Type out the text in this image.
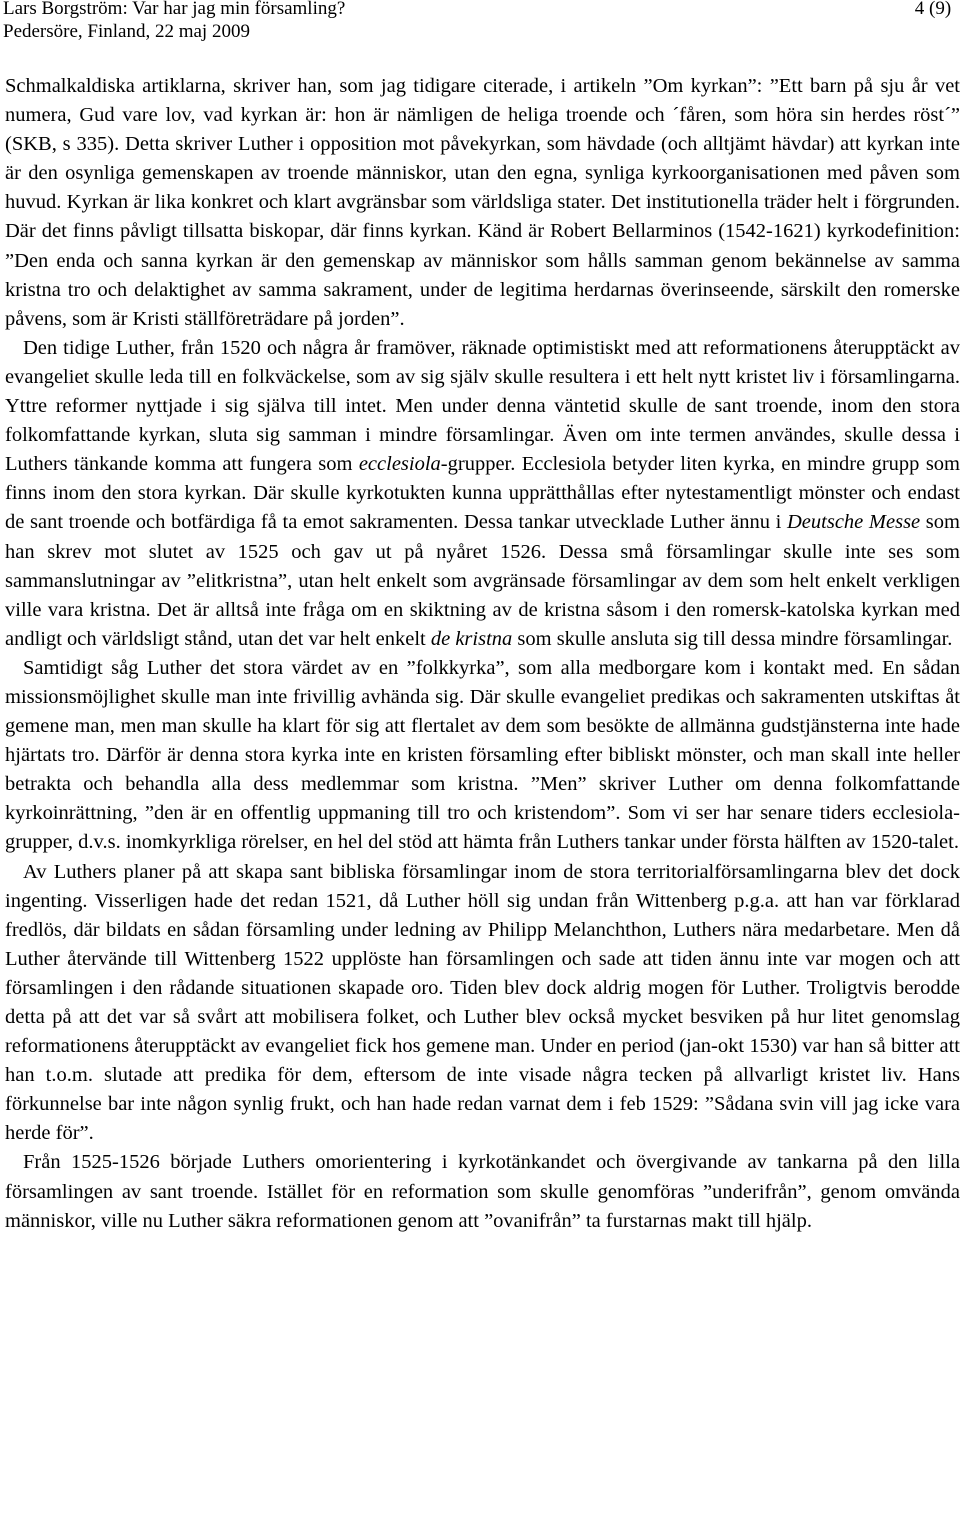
Lars Borgström: Var har jag min församling?	4 (9)
Pedersöre, Finland, 22 maj 2009

Schmalkaldiska artiklarna, skriver han, som jag tidigare citerade, i artikeln ”Om kyrkan”: ”Ett barn på sju år vet numera, Gud vare lov, vad kyrkan är: hon är nämligen de heliga troende och ´fåren, som höra sin herdes röst´” (SKB, s 335). Detta skriver Luther i opposition mot påvekyrkan, som hävdade (och alltjämt hävdar) att kyrkan inte är den osynliga gemenskapen av troende människor, utan den egna, synliga kyrkoorganisationen med påven som huvud. Kyrkan är lika konkret och klart avgränsbar som världsliga stater. Det institutionella träder helt i förgrunden. Där det finns påvligt tillsatta biskopar, där finns kyrkan. Känd är Robert Bellarminos (1542-1621) kyrkodefinition: ”Den enda och sanna kyrkan är den gemenskap av människor som hålls samman genom bekännelse av samma kristna tro och delaktighet av samma sakrament, under de legitima herdarnas överinseende, särskilt den romerske påvens, som är Kristi ställföreträdare på jorden”.

Den tidige Luther, från 1520 och några år framöver, räknade optimistiskt med att reformationens återupptäckt av evangeliet skulle leda till en folkväckelse, som av sig själv skulle resultera i ett helt nytt kristet liv i församlingarna. Yttre reformer nyttjade i sig själva till intet. Men under denna väntetid skulle de sant troende, inom den stora folkomfattande kyrkan, sluta sig samman i mindre församlingar. Även om inte termen användes, skulle dessa i Luthers tänkande komma att fungera som ecclesiola-grupper. Ecclesiola betyder liten kyrka, en mindre grupp som finns inom den stora kyrkan. Där skulle kyrkotukten kunna upprätthållas efter nytestamentligt mönster och endast de sant troende och botfärdiga få ta emot sakramenten. Dessa tankar utvecklade Luther ännu i Deutsche Messe som han skrev mot slutet av 1525 och gav ut på nyåret 1526. Dessa små församlingar skulle inte ses som sammanslutningar av ”elitkristna”, utan helt enkelt som avgränsade församlingar av dem som helt enkelt verkligen ville vara kristna. Det är alltså inte fråga om en skiktning av de kristna såsom i den romersk-katolska kyrkan med andligt och världsligt stånd, utan det var helt enkelt de kristna som skulle ansluta sig till dessa mindre församlingar.

Samtidigt såg Luther det stora värdet av en ”folkkyrka”, som alla medborgare kom i kontakt med. En sådan missionsmöjlighet skulle man inte frivillig avhända sig. Där skulle evangeliet predikas och sakramenten utskiftas åt gemene man, men man skulle ha klart för sig att flertalet av dem som besökte de allmänna gudstjänsterna inte hade hjärtats tro. Därför är denna stora kyrka inte en kristen församling efter bibliskt mönster, och man skall inte heller betrakta och behandla alla dess medlemmar som kristna. ”Men” skriver Luther om denna folkomfattande kyrkoinrättning, ”den är en offentlig uppmaning till tro och kristendom”. Som vi ser har senare tiders ecclesiola-grupper, d.v.s. inomkyrkliga rörelser, en hel del stöd att hämta från Luthers tankar under första hälften av 1520-talet.

Av Luthers planer på att skapa sant bibliska församlingar inom de stora territorialförsamlingarna blev det dock ingenting. Visserligen hade det redan 1521, då Luther höll sig undan från Wittenberg p.g.a. att han var förklarad fredlös, där bildats en sådan församling under ledning av Philipp Melanchthon, Luthers nära medarbetare. Men då Luther återvände till Wittenberg 1522 upplöste han församlingen och sade att tiden ännu inte var mogen och att församlingen i den rådande situationen skapade oro. Tiden blev dock aldrig mogen för Luther. Troligtvis berodde detta på att det var så svårt att mobilisera folket, och Luther blev också mycket besviken på hur litet genomslag reformationens återupptäckt av evangeliet fick hos gemene man. Under en period (jan-okt 1530) var han så bitter att han t.o.m. slutade att predika för dem, eftersom de inte visade några tecken på allvarligt kristet liv. Hans förkunnelse bar inte någon synlig frukt, och han hade redan varnat dem i feb 1529: ”Sådana svin vill jag icke vara herde för”.

Från 1525-1526 började Luthers omorientering i kyrkotänkandet och övergivande av tankarna på den lilla församlingen av sant troende. Istället för en reformation som skulle genomföras ”underifrån”, genom omvända människor, ville nu Luther säkra reformationen genom att ”ovanifrån” ta furstarnas makt till hjälp.
